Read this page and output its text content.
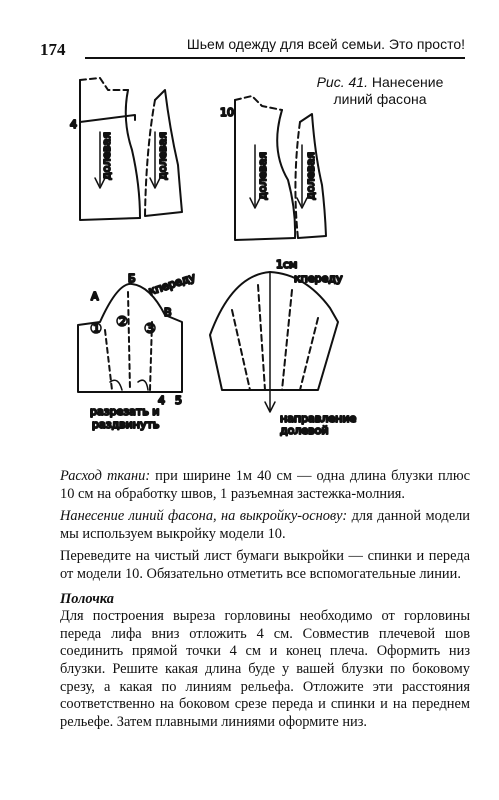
174	Шьем одежду для всей семьи. Это просто!
Рис. 41. Нанесение линий фасона
4
долевая	долевая
10
долевая	долевая
А
Б
В
1
2
3
4 5
кпереду
разрезать и
раздвинуть
1см
кпереду
направление
долевой

Расход ткани: при ширине 1м 40 см — одна длина блузки плюс 10 см на обработку швов, 1 разъемная застежка-молния.

Нанесение линий фасона, на выкройку-основу: для данной модели мы используем выкройку модели 10.

Переведите на чистый лист бумаги выкройки — спинки и переда от модели 10. Обязательно отметить все вспомогательные линии.

Полочка

Для построения выреза горловины необходимо от горловины переда лифа вниз отложить 4 см. Совместив плечевой шов соединить прямой точки 4 см и конец плеча. Оформить низ блузки. Решите какая длина буде у вашей блузки по боковому срезу, а какая по линиям рельефа. Отложите эти расстояния соответственно на боковом срезе переда и спинки и на переднем рельефе. Затем плавными линиями оформите низ.
